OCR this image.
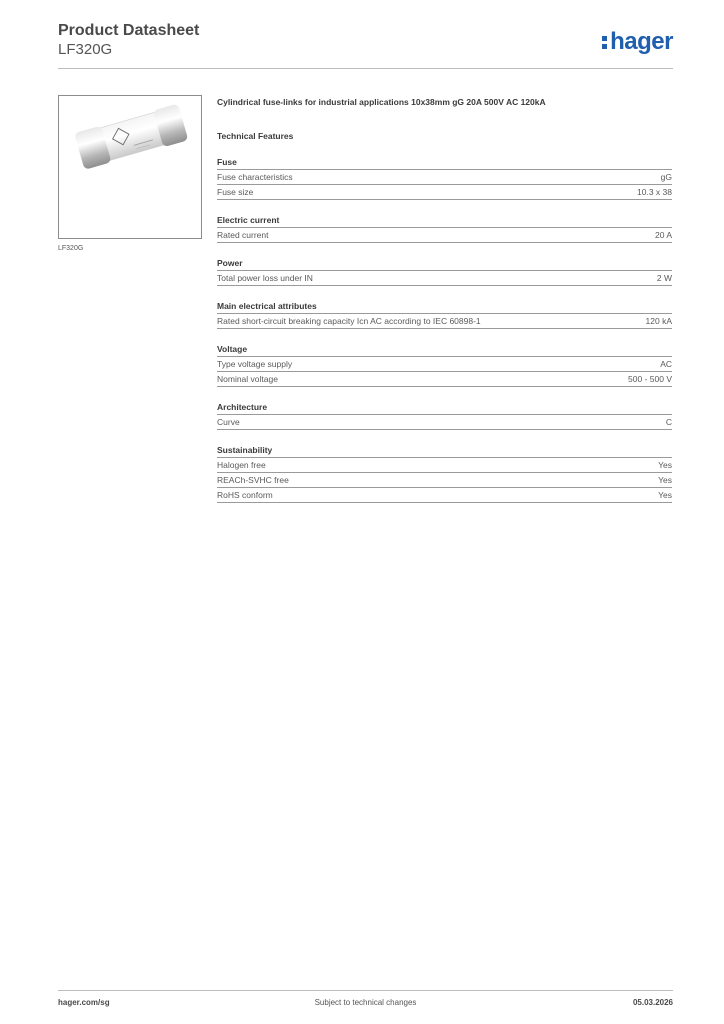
Product Datasheet
LF320G	hager
LF320G
Cylindrical fuse-links for industrial applications 10x38mm gG 20A 500V AC 120kA
Technical Features
Fuse
Fuse characteristics	gG
Fuse size	10.3 x 38
Electric current
Rated current	20 A
Power
Total power loss under IN	2 W
Main electrical attributes
Rated short-circuit breaking capacity Icn AC according to IEC 60898-1	120 kA
Voltage
Type voltage supply	AC
Nominal voltage	500 - 500 V
Architecture
Curve	C
Sustainability
Halogen free	Yes
REACh-SVHC free	Yes
RoHS conform	Yes
hager.com/sg	Subject to technical changes	05.03.2026
